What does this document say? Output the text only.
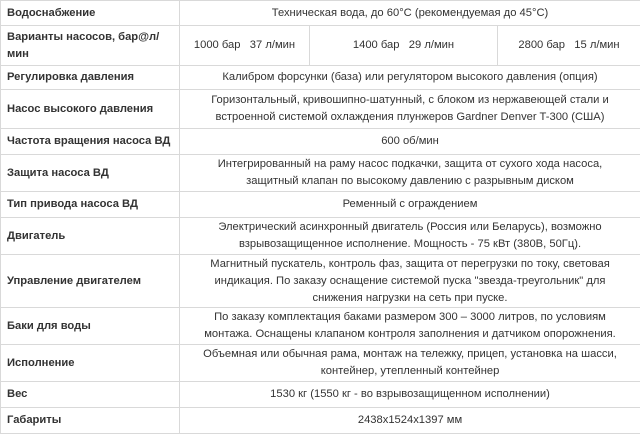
Водоснабжение	Техническая вода, до 60°C (рекомендуемая до 45°C)		
Варианты насосов, бар@л/мин	1000 бар   37 л/мин	1400 бар   29 л/мин	2800 бар   15 л/мин
Регулировка давления	Калибром форсунки (база) или регулятором высокого давления (опция)		
Насос высокого давления	Горизонтальный, кривошипно-шатунный, с блоком из нержавеющей стали и
встроенной системой охлаждения плунжеров Gardner Denver T-300 (США)		

Частота вращения насоса ВД	600 об/мин		
Защита насоса ВД	Интегрированный на раму насос подкачки, защита от сухого хода насоса,
защитный клапан по высокому давлению с разрывным диском		

Тип привода насоса ВД	Ременный с ограждением		
Двигатель	Электрический асинхронный двигатель (Россия или Беларусь), возможно
взрывозащищенное исполнение. Мощность - 75 кВт (380В, 50Гц).		

Управление двигателем	Магнитный пускатель, контроль фаз, защита от перегрузки по току, световая
индикация. По заказу оснащение системой пуска "звезда-треугольник" для
снижения нагрузки на сеть при пуске.		

Баки для воды	По заказу комплектация баками размером 300 – 3000 литров, по условиям
монтажа. Оснащены клапаном контроля заполнения и датчиком опорожнения.		

Исполнение	Объемная или обычная рама, монтаж на тележку, прицеп, установка на шасси,
контейнер, утепленный контейнер		

Вес	1530 кг (1550 кг - во взрывозащищенном исполнении)		
Габариты	2438х1524х1397 мм		
